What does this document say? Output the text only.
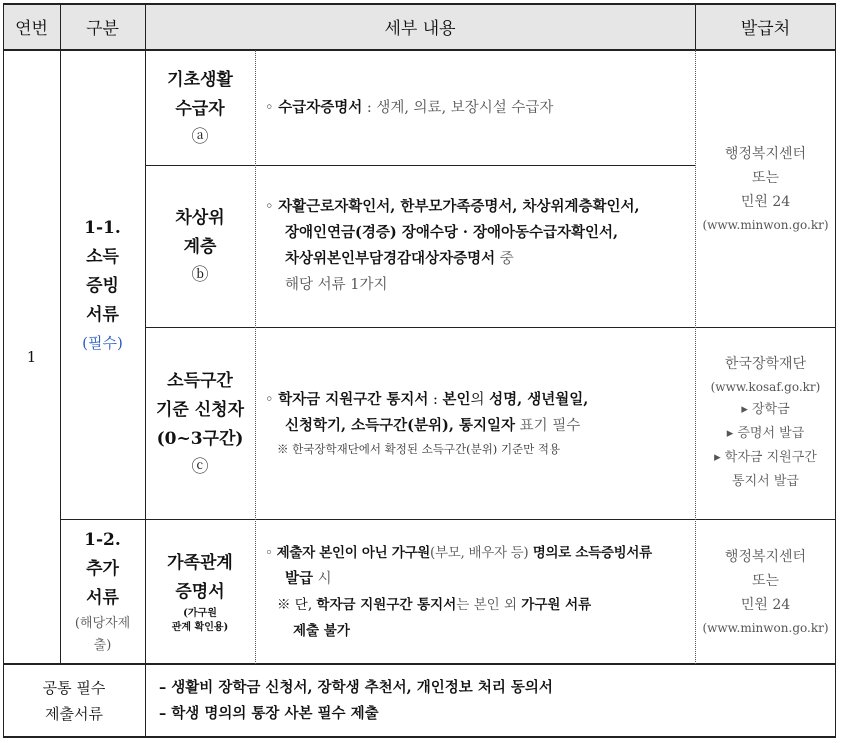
연번 구분	세부 내용	발급처
1
1-1.
소득
증빙
서류
(필수)
1-2.
추가
서류
(해당자제
출)
기초생활
수급자
ⓐ
◦ 수급자증명서 : 생계, 의료, 보장시설 수급자
차상위
계층
ⓑ
◦ 자활근로자확인서, 한부모가족증명서, 차상위계층확인서,
장애인연금(경증) 장애수당 · 장애아동수급자확인서,
차상위본인부담경감대상자증명서 중
해당 서류 1가지
소득구간
기준 신청자
(0~3구간)
ⓒ
◦ 학자금 지원구간 통지서 : 본인의 성명, 생년월일,
신청학기, 소득구간(분위), 통지일자 표기 필수
※ 한국장학재단에서 확정된 소득구간(분위) 기준만 적용
가족관계
증명서
(가구원
관계 확인용)
◦ 제출자 본인이 아닌 가구원(부모, 배우자 등) 명의로 소득증빙서류
발급 시
※ 단, 학자금 지원구간 통지서는 본인 외 가구원 서류
제출 불가
행정복지센터
또는
민원 24
(www.minwon.go.kr)
한국장학재단
(www.kosaf.go.kr)
▸ 장학금
▸ 증명서 발급
▸ 학자금 지원구간
통지서 발급
행정복지센터
또는
민원 24
(www.minwon.go.kr)
공통 필수
제출서류
– 생활비 장학금 신청서, 장학생 추천서, 개인정보 처리 동의서
– 학생 명의의 통장 사본 필수 제출
